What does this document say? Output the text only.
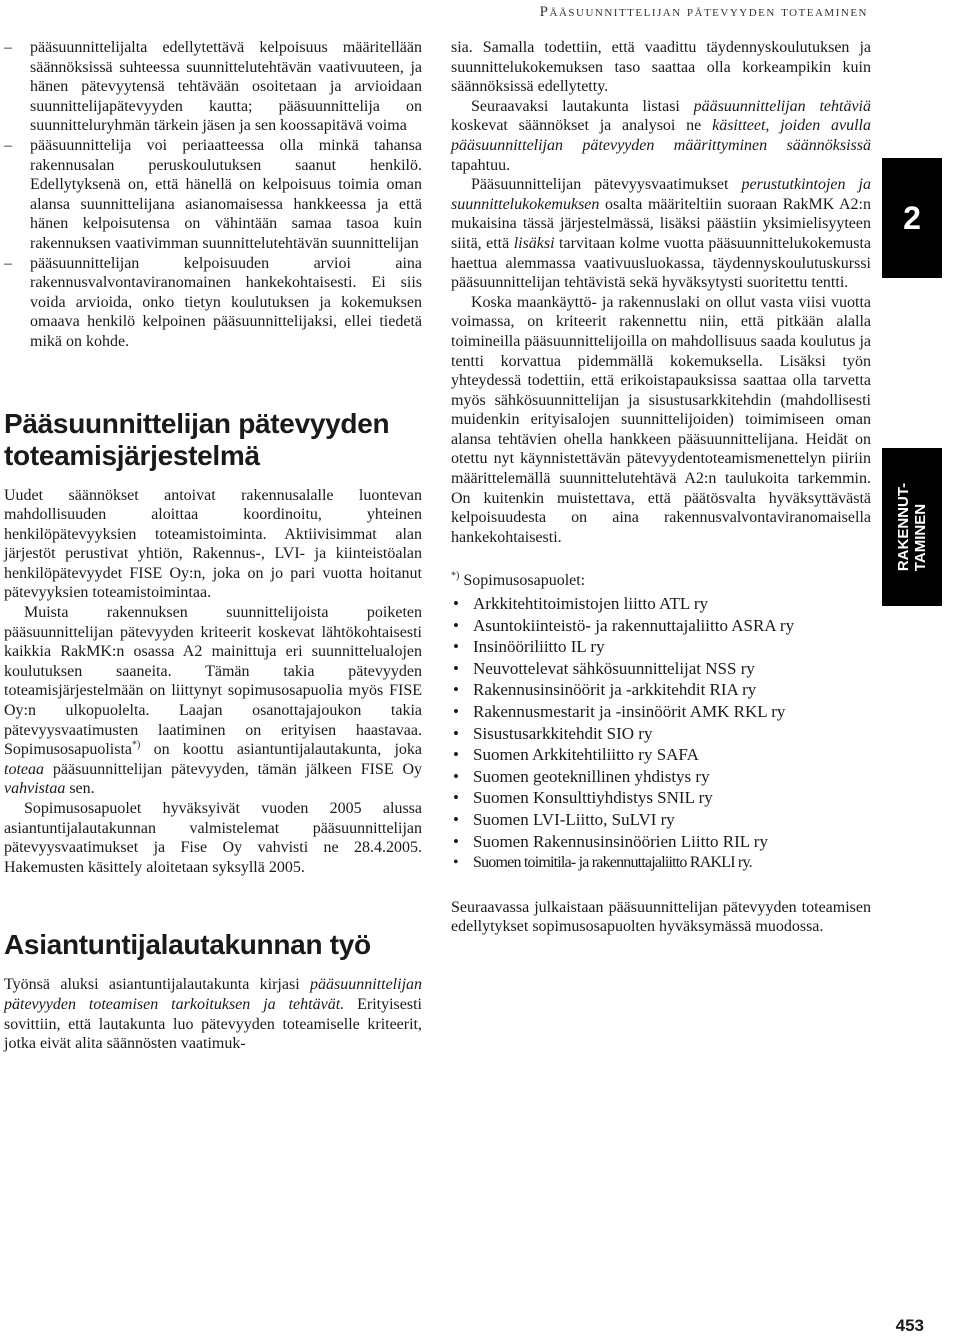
Pääsuunnittelijan pätevyyden toteaminen

– pääsuunnittelijalta edellytettävä kelpoisuus määritellään säännöksissä suhteessa suunnittelutehtävän vaativuuteen, ja hänen pätevyytensä tehtävään osoitetaan ja arvioidaan suunnittelijapätevyyden kautta; pääsuunnittelija on suunnitteluryhmän tärkein jäsen ja sen koossapitävä voima

– pääsuunnittelija voi periaatteessa olla minkä tahansa rakennusalan peruskoulutuksen saanut henkilö. Edellytyksenä on, että hänellä on kelpoisuus toimia oman alansa suunnittelijana asianomaisessa hankkeessa ja että hänen kelpoisutensa on vähintään samaa tasoa kuin rakennuksen vaativimman suunnittelutehtävän suunnittelijan

– pääsuunnittelijan kelpoisuuden arvioi aina rakennusvalvontaviranomainen hankekohtaisesti. Ei siis voida arvioida, onko tietyn koulutuksen ja kokemuksen omaava henkilö kelpoinen pääsuunnittelijaksi, ellei tiedetä mikä on kohde.

Pääsuunnittelijan pätevyyden toteamisjärjestelmä

Uudet säännökset antoivat rakennusalalle luontevan mahdollisuuden aloittaa koordinoitu, yhteinen henkilöpätevyyksien toteamistoiminta. Aktiivisimmat alan järjestöt perustivat yhtiön, Rakennus-, LVI- ja kiinteistöalan henkilöpätevyydet FISE Oy:n, joka on jo pari vuotta hoitanut pätevyyksien toteamistoimintaa.

Muista rakennuksen suunnittelijoista poiketen pääsuunnittelijan pätevyyden kriteerit koskevat lähtökohtaisesti kaikkia RakMK:n osassa A2 mainittuja eri suunnittelualojen koulutuksen saaneita. Tämän takia pätevyyden toteamisjärjestelmään on liittynyt sopimusosapuolia myös FISE Oy:n ulkopuolelta. Laajan osanottajajoukon takia pätevyysvaatimusten laatiminen on erityisen haastavaa. Sopimusosapuolista*) on koottu asiantuntijalautakunta, joka toteaa pääsuunnittelijan pätevyyden, tämän jälkeen FISE Oy vahvistaa sen.

Sopimusosapuolet hyväksyivät vuoden 2005 alussa asiantuntijalautakunnan valmistelemat pääsuunnittelijan pätevyysvaatimukset ja Fise Oy vahvisti ne 28.4.2005. Hakemusten käsittely aloitetaan syksyllä 2005.

Asiantuntijalautakunnan työ

Työnsä aluksi asiantuntijalautakunta kirjasi pääsuunnittelijan pätevyyden toteamisen tarkoituksen ja tehtävät. Erityisesti sovittiin, että lautakunta luo pätevyyden toteamiselle kriteerit, jotka eivät alita säännösten vaatimuk-

sia. Samalla todettiin, että vaadittu täydennyskoulutuksen ja suunnittelukokemuksen taso saattaa olla korkeampikin kuin säännöksissä edellytetty.

Seuraavaksi lautakunta listasi pääsuunnittelijan tehtäviä koskevat säännökset ja analysoi ne käsitteet, joiden avulla pääsuunnittelijan pätevyyden määrittyminen säännöksissä tapahtuu.

Pääsuunnittelijan pätevyysvaatimukset perustutkintojen ja suunnittelukokemuksen osalta määriteltiin suoraan RakMK A2:n mukaisina tässä järjestelmässä, lisäksi päästiin yksimielisyyteen siitä, että lisäksi tarvitaan kolme vuotta pääsuunnittelukokemusta haettua alemmassa vaativuusluokassa, täydennyskoulutuskurssi pääsuunnittelijan tehtävistä sekä hyväksytysti suoritettu tentti.

Koska maankäyttö- ja rakennuslaki on ollut vasta viisi vuotta voimassa, on kriteerit rakennettu niin, että pitkään alalla toimineilla pääsuunnittelijoilla on mahdollisuus saada koulutus ja tentti korvattua pidemmällä kokemuksella. Lisäksi työn yhteydessä todettiin, että erikoistapauksissa saattaa olla tarvetta myös sähkösuunnittelijan ja sisustusarkkitehdin (mahdollisesti muidenkin erityisalojen suunnittelijoiden) toimimiseen oman alansa tehtävien ohella hankkeen pääsuunnittelijana. Heidät on otettu nyt käynnistettävän pätevyydentoteamismenettelyn piiriin määrittelemällä suunnittelutehtävä A2:n taulukoita tarkemmin. On kuitenkin muistettava, että päätösvalta hyväksyttävästä kelpoisuudesta on aina rakennusvalvontaviranomaisella hankekohtaisesti.

*) Sopimusosapuolet:

• Arkkitehtitoimistojen liitto ATL ry
• Asuntokiinteistö- ja rakennuttajaliitto ASRA ry
• Insinööriliitto IL ry
• Neuvottelevat sähkösuunnittelijat NSS ry
• Rakennusinsinöörit ja -arkkitehdit RIA ry
• Rakennusmestarit ja -insinöörit AMK RKL ry
• Sisustusarkkitehdit SIO ry
• Suomen Arkkitehtiliitto ry SAFA
• Suomen geoteknillinen yhdistys ry
• Suomen Konsulttiyhdistys SNIL ry
• Suomen LVI-Liitto, SuLVI ry
• Suomen Rakennusinsinöörien Liitto RIL ry
• Suomen toimitila- ja rakennuttajaliitto RAKLI ry.

Seuraavassa julkaistaan pääsuunnittelijan pätevyyden toteamisen edellytykset sopimusosapuolten hyväksymässä muodossa.

2
RAKENNUT- TAMINEN
453
